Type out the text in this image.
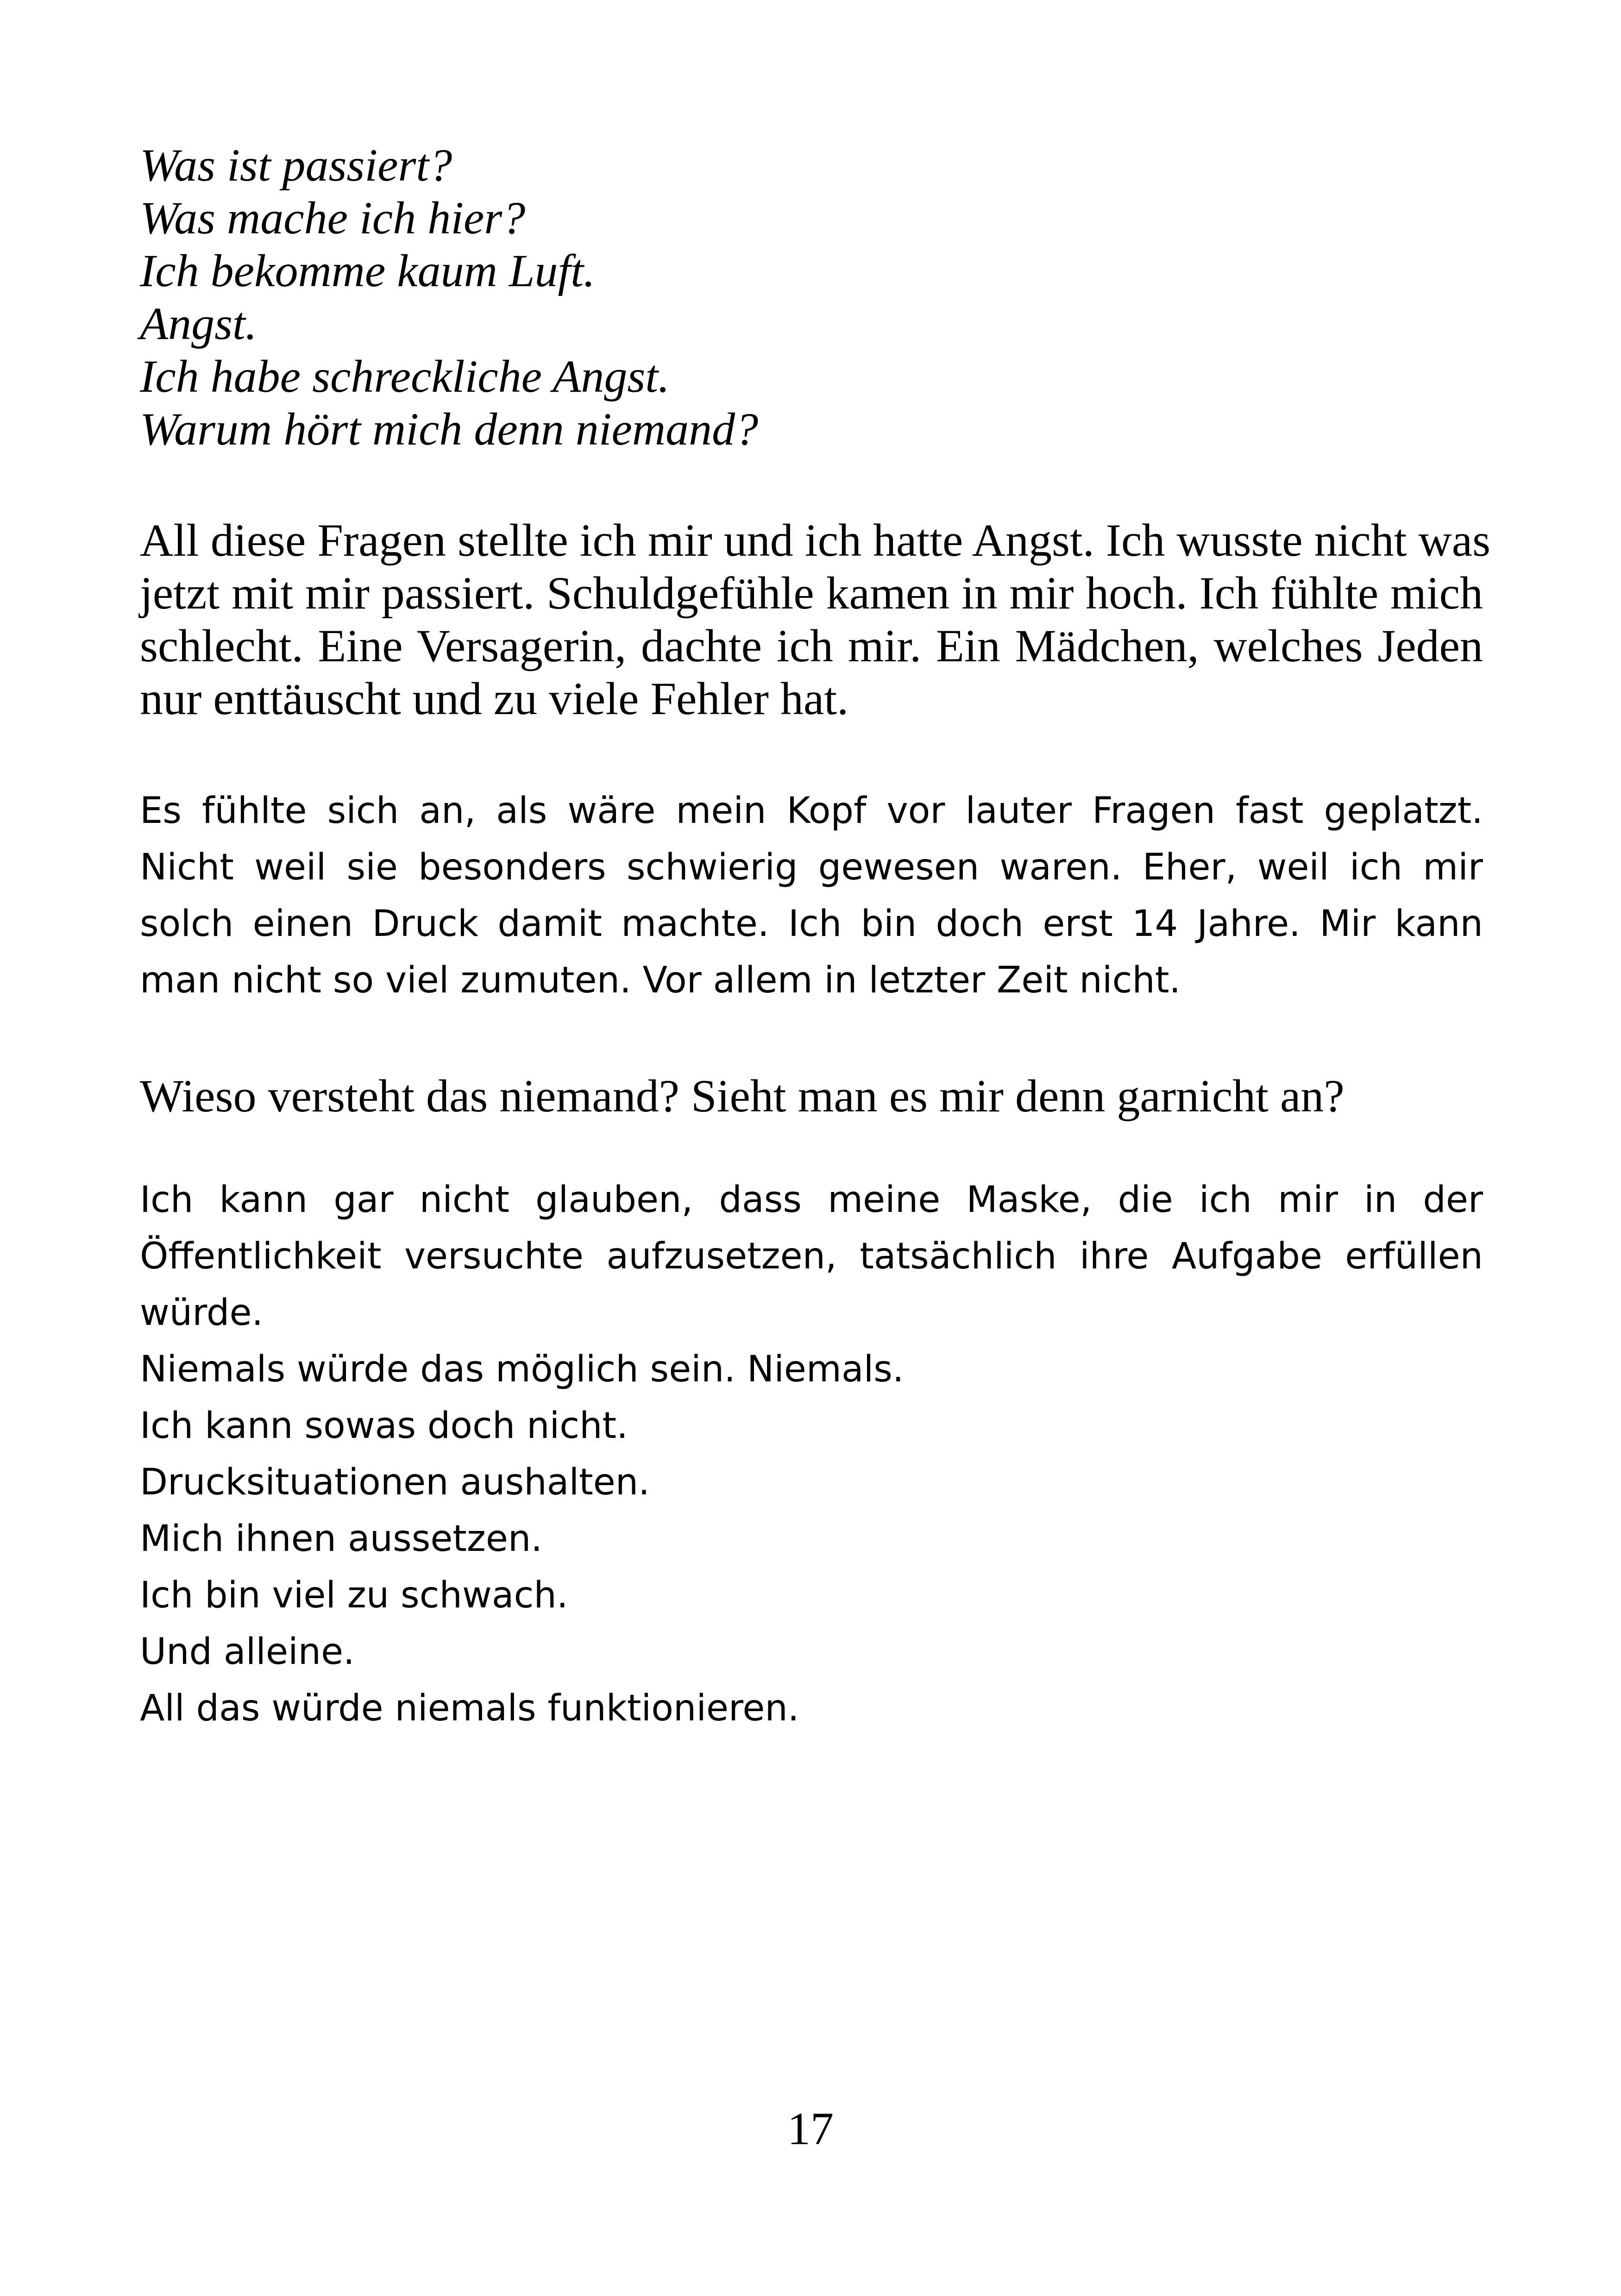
Was ist passiert?
Was mache ich hier?
Ich bekomme kaum Luft.
Angst.
Ich habe schreckliche Angst.
Warum hört mich denn niemand?
All diese Fragen stellte ich mir und ich hatte Angst. Ich wusste nicht was
jetzt mit mir passiert. Schuldgefühle kamen in mir hoch. Ich fühlte mich
schlecht. Eine Versagerin, dachte ich mir. Ein Mädchen, welches Jeden
nur enttäuscht und zu viele Fehler hat.
Es fühlte sich an, als wäre mein Kopf vor lauter Fragen fast geplatzt.
Nicht weil sie besonders schwierig gewesen waren. Eher, weil ich mir
solch einen Druck damit machte. Ich bin doch erst 14 Jahre. Mir kann
man nicht so viel zumuten. Vor allem in letzter Zeit nicht.
Wieso versteht das niemand? Sieht man es mir denn garnicht an?
Ich kann gar nicht glauben, dass meine Maske, die ich mir in der
Öffentlichkeit versuchte aufzusetzen, tatsächlich ihre Aufgabe erfüllen
würde.
Niemals würde das möglich sein. Niemals.
Ich kann sowas doch nicht.
Drucksituationen aushalten.
Mich ihnen aussetzen.
Ich bin viel zu schwach.
Und alleine.
All das würde niemals funktionieren.
17
